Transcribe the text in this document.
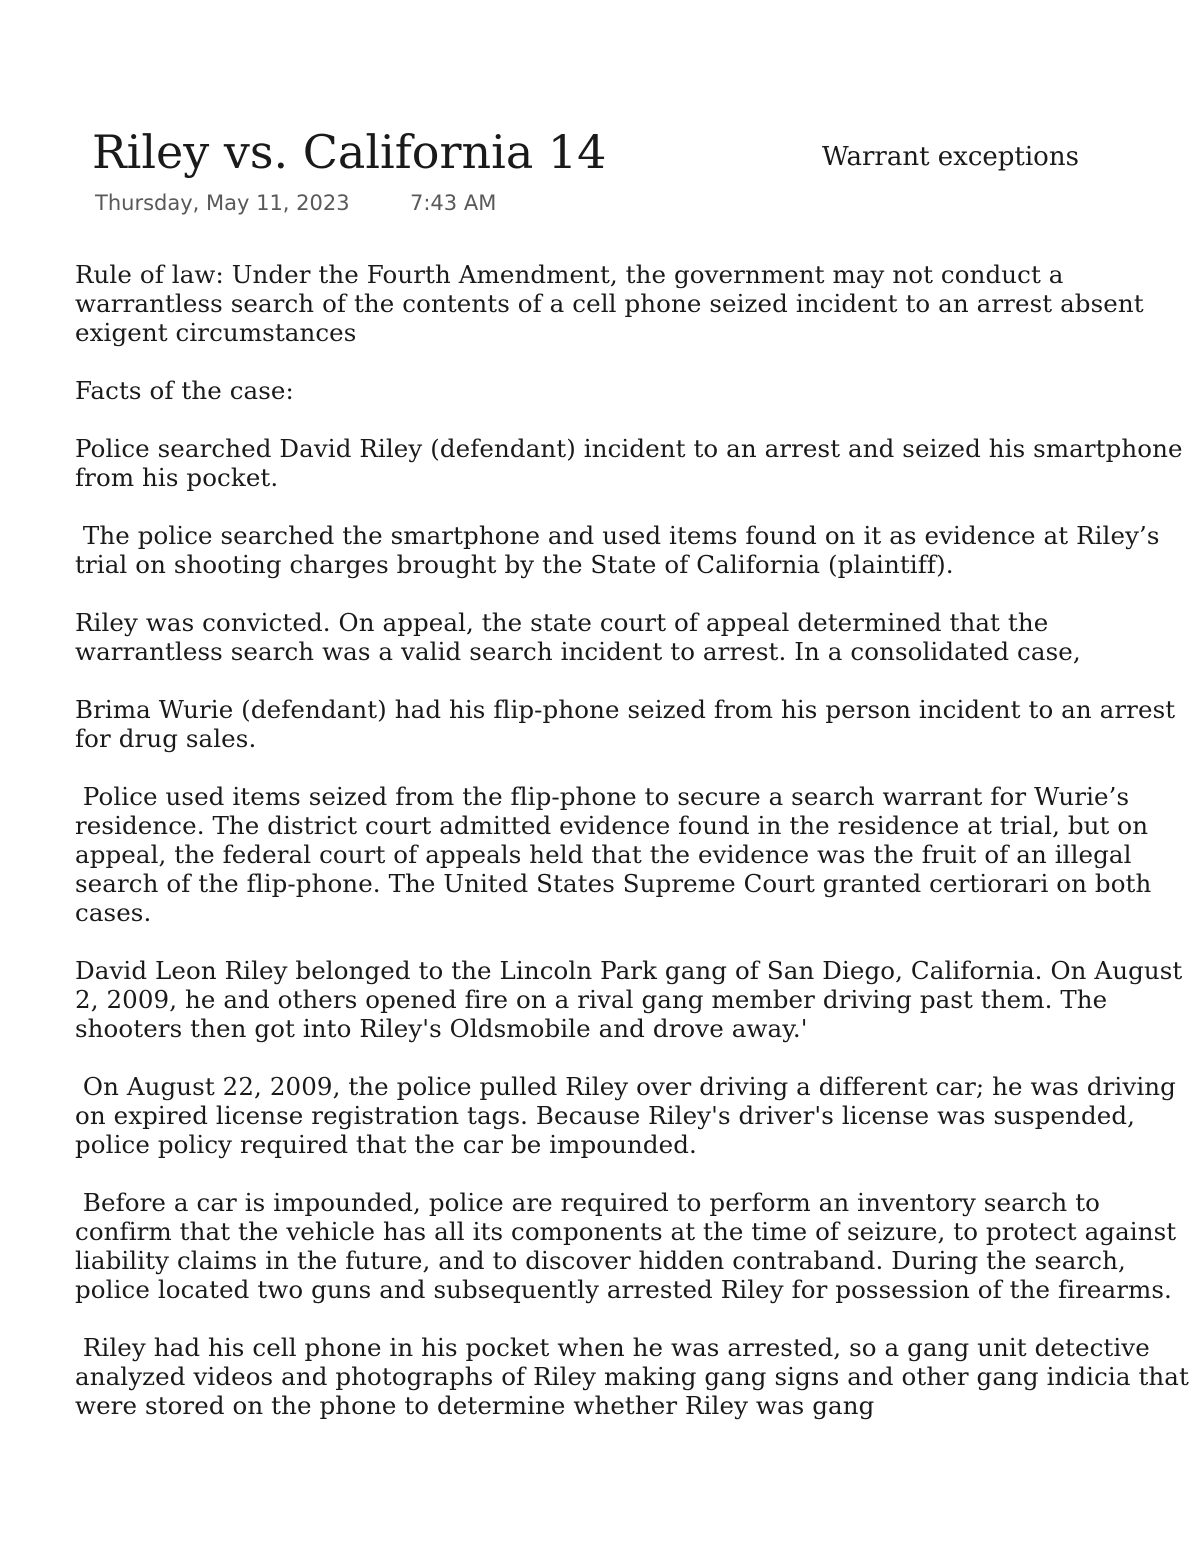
Riley vs. California 14	Warrant exceptions
Thursday, May 11, 2023	7:43 AM

Rule of law: Under the Fourth Amendment, the government may not conduct a warrantless search of the contents of a cell phone seized incident to an arrest absent exigent circumstances

Facts of the case:

Police searched David Riley (defendant) incident to an arrest and seized his smartphone from his pocket.

The police searched the smartphone and used items found on it as evidence at Riley’s trial on shooting charges brought by the State of California (plaintiff).

Riley was convicted. On appeal, the state court of appeal determined that the warrantless search was a valid search incident to arrest. In a consolidated case,

Brima Wurie (defendant) had his flip-phone seized from his person incident to an arrest for drug sales.

Police used items seized from the flip-phone to secure a search warrant for Wurie’s residence. The district court admitted evidence found in the residence at trial, but on appeal, the federal court of appeals held that the evidence was the fruit of an illegal search of the flip-phone. The United States Supreme Court granted certiorari on both cases.

David Leon Riley belonged to the Lincoln Park gang of San Diego, California. On August 2, 2009, he and others opened fire on a rival gang member driving past them. The shooters then got into Riley's Oldsmobile and drove away.'

On August 22, 2009, the police pulled Riley over driving a different car; he was driving on expired license registration tags. Because Riley's driver's license was suspended, police policy required that the car be impounded.

Before a car is impounded, police are required to perform an inventory search to confirm that the vehicle has all its components at the time of seizure, to protect against liability claims in the future, and to discover hidden contraband. During the search, police located two guns and subsequently arrested Riley for possession of the firearms.

Riley had his cell phone in his pocket when he was arrested, so a gang unit detective analyzed videos and photographs of Riley making gang signs and other gang indicia that were stored on the phone to determine whether Riley was gang
